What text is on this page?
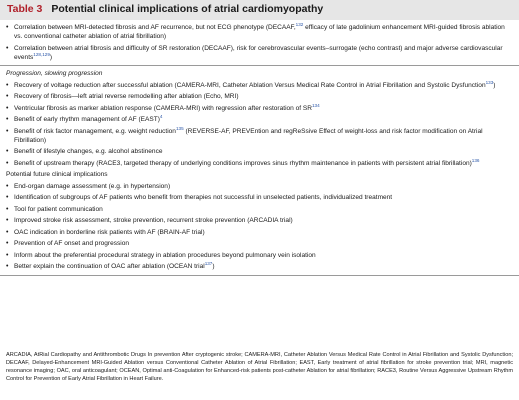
Table 3 Potential clinical implications of atrial cardiomyopathy
• Correlation between MRI-detected fibrosis and AF recurrence, but not ECG phenotype (DECAAF,$^{132}$ efficacy of late gadolinium enhancement MRI-guided fibrosis ablation vs. conventional catheter ablation of atrial fibrillation)
• Correlation between atrial fibrosis and difficulty of SR restoration (DECAAF), risk for cerebrovascular events–surrogate (echo contrast) and major adverse cardiovascular events$^{128,129}$)
Progression, slowing progression
• Recovery of voltage reduction after successful ablation (CAMERA-MRI, Catheter Ablation Versus Medical Rate Control in Atrial Fibrillation and Systolic Dysfunction$^{133}$)
• Recovery of fibrosis—left atrial reverse remodelling after ablation (Echo, MRI)
• Ventricular fibrosis as marker ablation response (CAMERA-MRI) with regression after restoration of SR$^{134}$
• Benefit of early rhythm management of AF (EAST)$^4$
• Benefit of risk factor management, e.g. weight reduction$^{135}$ (REVERSE-AF, PREVEntion and regReSsive Effect of weight-loss and risk factor modification on Atrial Fibrillation)
• Benefit of lifestyle changes, e.g. alcohol abstinence
• Benefit of upstream therapy (RACE3, targeted therapy of underlying conditions improves sinus rhythm maintenance in patients with persistent atrial fibrillation)$^{136}$
Potential future clinical implications
• End-organ damage assessment (e.g. in hypertension)
• Identification of subgroups of AF patients who benefit from therapies not successful in unselected patients, individualized treatment
• Tool for patient communication
• Improved stroke risk assessment, stroke prevention, recurrent stroke prevention (ARCADIA trial)
• OAC indication in borderline risk patients with AF (BRAIN-AF trial)
• Prevention of AF onset and progression
• Inform about the preferential procedural strategy in ablation procedures beyond pulmonary vein isolation
• Better explain the continuation of OAC after ablation (OCEAN trial$^{137}$)
ARCADIA, AtRial Cardiopathy and Antithrombotic Drugs In prevention After cryptogenic stroke; CAMERA-MRI, Catheter Ablation Versus Medical Rate Control in Atrial Fibrillation and Systolic Dysfunction; DECAAF, Delayed-Enhancement MRI-Guided Ablation versus Conventional Catheter Ablation of Atrial Fibrillation; EAST, Early treatment of atrial fibrillation for stroke prevention trial; MRI, magnetic resonance imaging; OAC, oral anticoagulant; OCEAN, Optimal anti-Coagulation for Enhanced-risk patients post-catheter Ablation for atrial fibrillation; RACE3, Routine Versus Aggressive Upstream Rhythm Control for Prevention of Early Atrial Fibrillation in Heart Failure.
